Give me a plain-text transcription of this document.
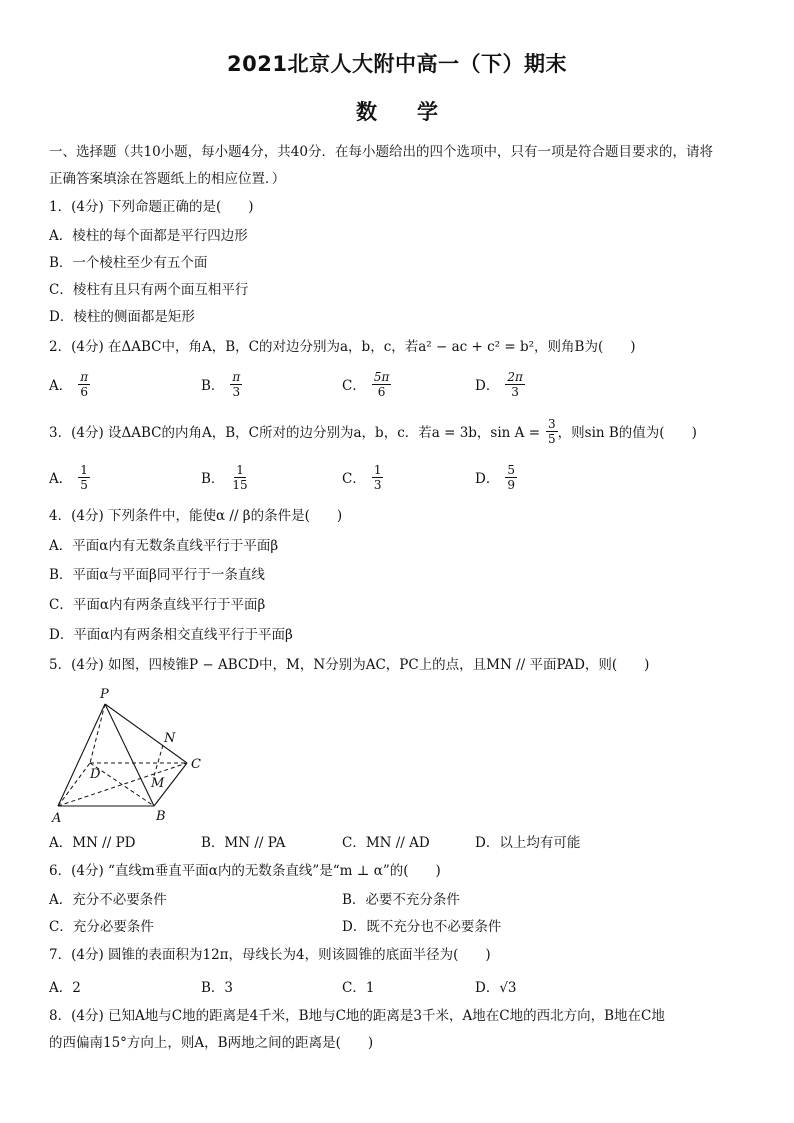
2021北京人大附中高一（下）期末
数学
一、选择题（共10小题，每小题4分，共40分．在每小题给出的四个选项中，只有一项是符合题目要求的，请将
正确答案填涂在答题纸上的相应位置．）
1．(4分) 下列命题正确的是(　　)
A．棱柱的每个面都是平行四边形
B．一个棱柱至少有五个面
C．棱柱有且只有两个面互相平行
D．棱柱的侧面都是矩形
2．(4分) 在ΔABC中，角A，B，C的对边分别为a，b，c，若a² − ac + c² = b²，则角B为(　　)
A． $\frac{\pi}{6}$	B． $\frac{\pi}{3}$	C． $\frac{5\pi}{6}$	D． $\frac{2\pi}{3}$
3．(4分) 设ΔABC的内角A，B，C所对的边分别为a，b，c．若a = 3b，$\sin A = \frac{3}{5}$ ，则sin B的值为(　　)
A． $\frac{1}{5}$	B． $\frac{1}{15}$	C． $\frac{1}{3}$	D． $\frac{5}{9}$
4．(4分) 下列条件中，能使α // β的条件是(　　)
A．平面α内有无数条直线平行于平面β
B．平面α与平面β同平行于一条直线
C．平面α内有两条直线平行于平面β
D．平面α内有两条相交直线平行于平面β
5．(4分) 如图，四棱锥P − ABCD中，M，N分别为AC，PC上的点，且MN // 平面PAD，则(　　)
P
N
C
D
M
A	B
A．MN // PD	B．MN // PA	C．MN // AD	D．以上均有可能
6．(4分) “直线m垂直平面α内的无数条直线”是“m ⊥ α”的(　　)
A．充分不必要条件	B．必要不充分条件
C．充分必要条件	D．既不充分也不必要条件
7．(4分) 圆锥的表面积为12π，母线长为4，则该圆锥的底面半径为(　　)
A．2	B．3	C．1	D．√3
8．(4分) 已知A地与C地的距离是4千米，B地与C地的距离是3千米，A地在C地的西北方向，B地在C地
的西偏南15°方向上，则A，B两地之间的距离是(　　)
